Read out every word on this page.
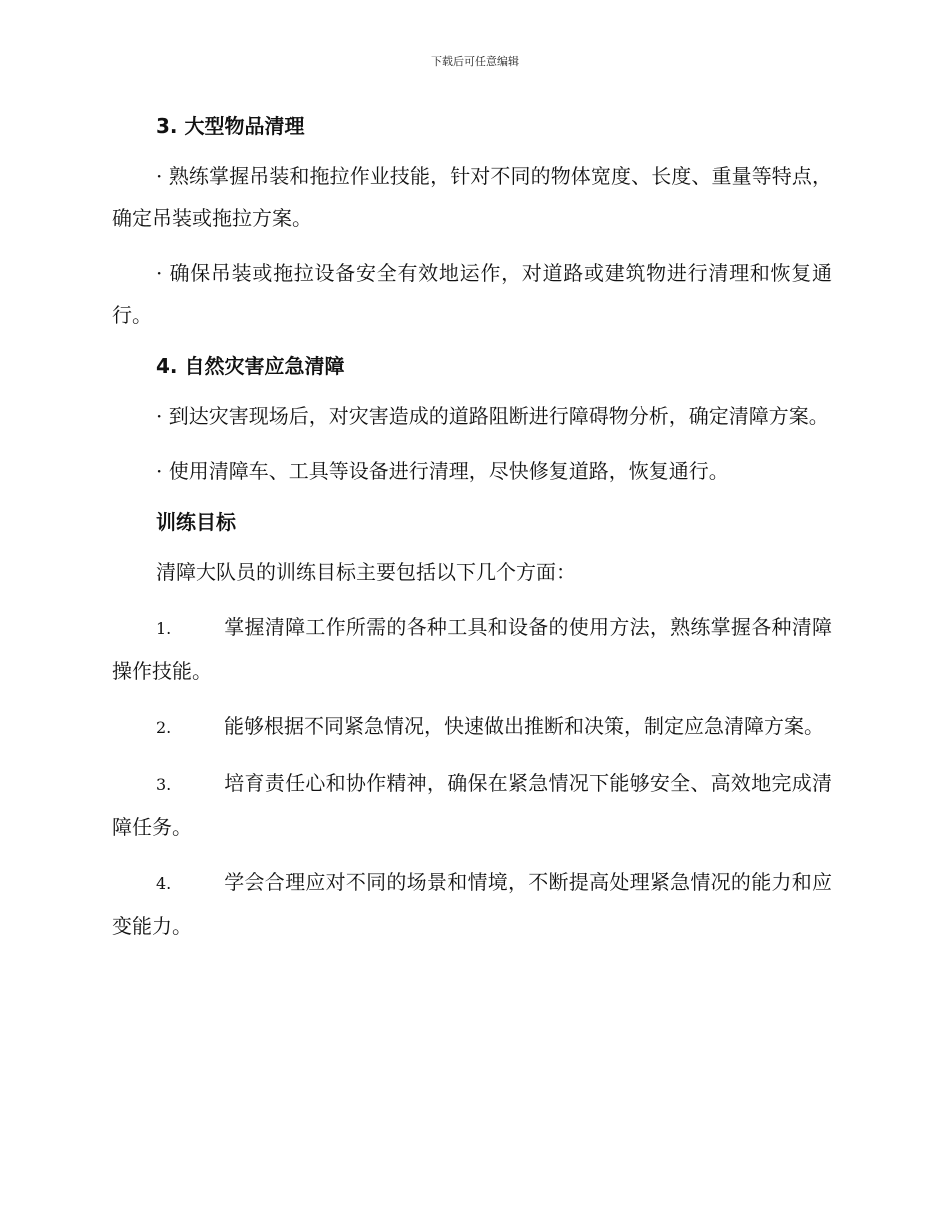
下载后可任意编辑

3. 大型物品清理

· 熟练掌握吊装和拖拉作业技能，针对不同的物体宽度、长度、重量等特点，确定吊装或拖拉方案。

· 确保吊装或拖拉设备安全有效地运作，对道路或建筑物进行清理和恢复通行。

4. 自然灾害应急清障

· 到达灾害现场后，对灾害造成的道路阻断进行障碍物分析，确定清障方案。

· 使用清障车、工具等设备进行清理，尽快修复道路，恢复通行。

训练目标

清障大队员的训练目标主要包括以下几个方面：

1.	掌握清障工作所需的各种工具和设备的使用方法，熟练掌握各种清障操作技能。

2.	能够根据不同紧急情况，快速做出推断和决策，制定应急清障方案。

3.	培育责任心和协作精神，确保在紧急情况下能够安全、高效地完成清障任务。

4.	学会合理应对不同的场景和情境，不断提高处理紧急情况的能力和应变能力。
